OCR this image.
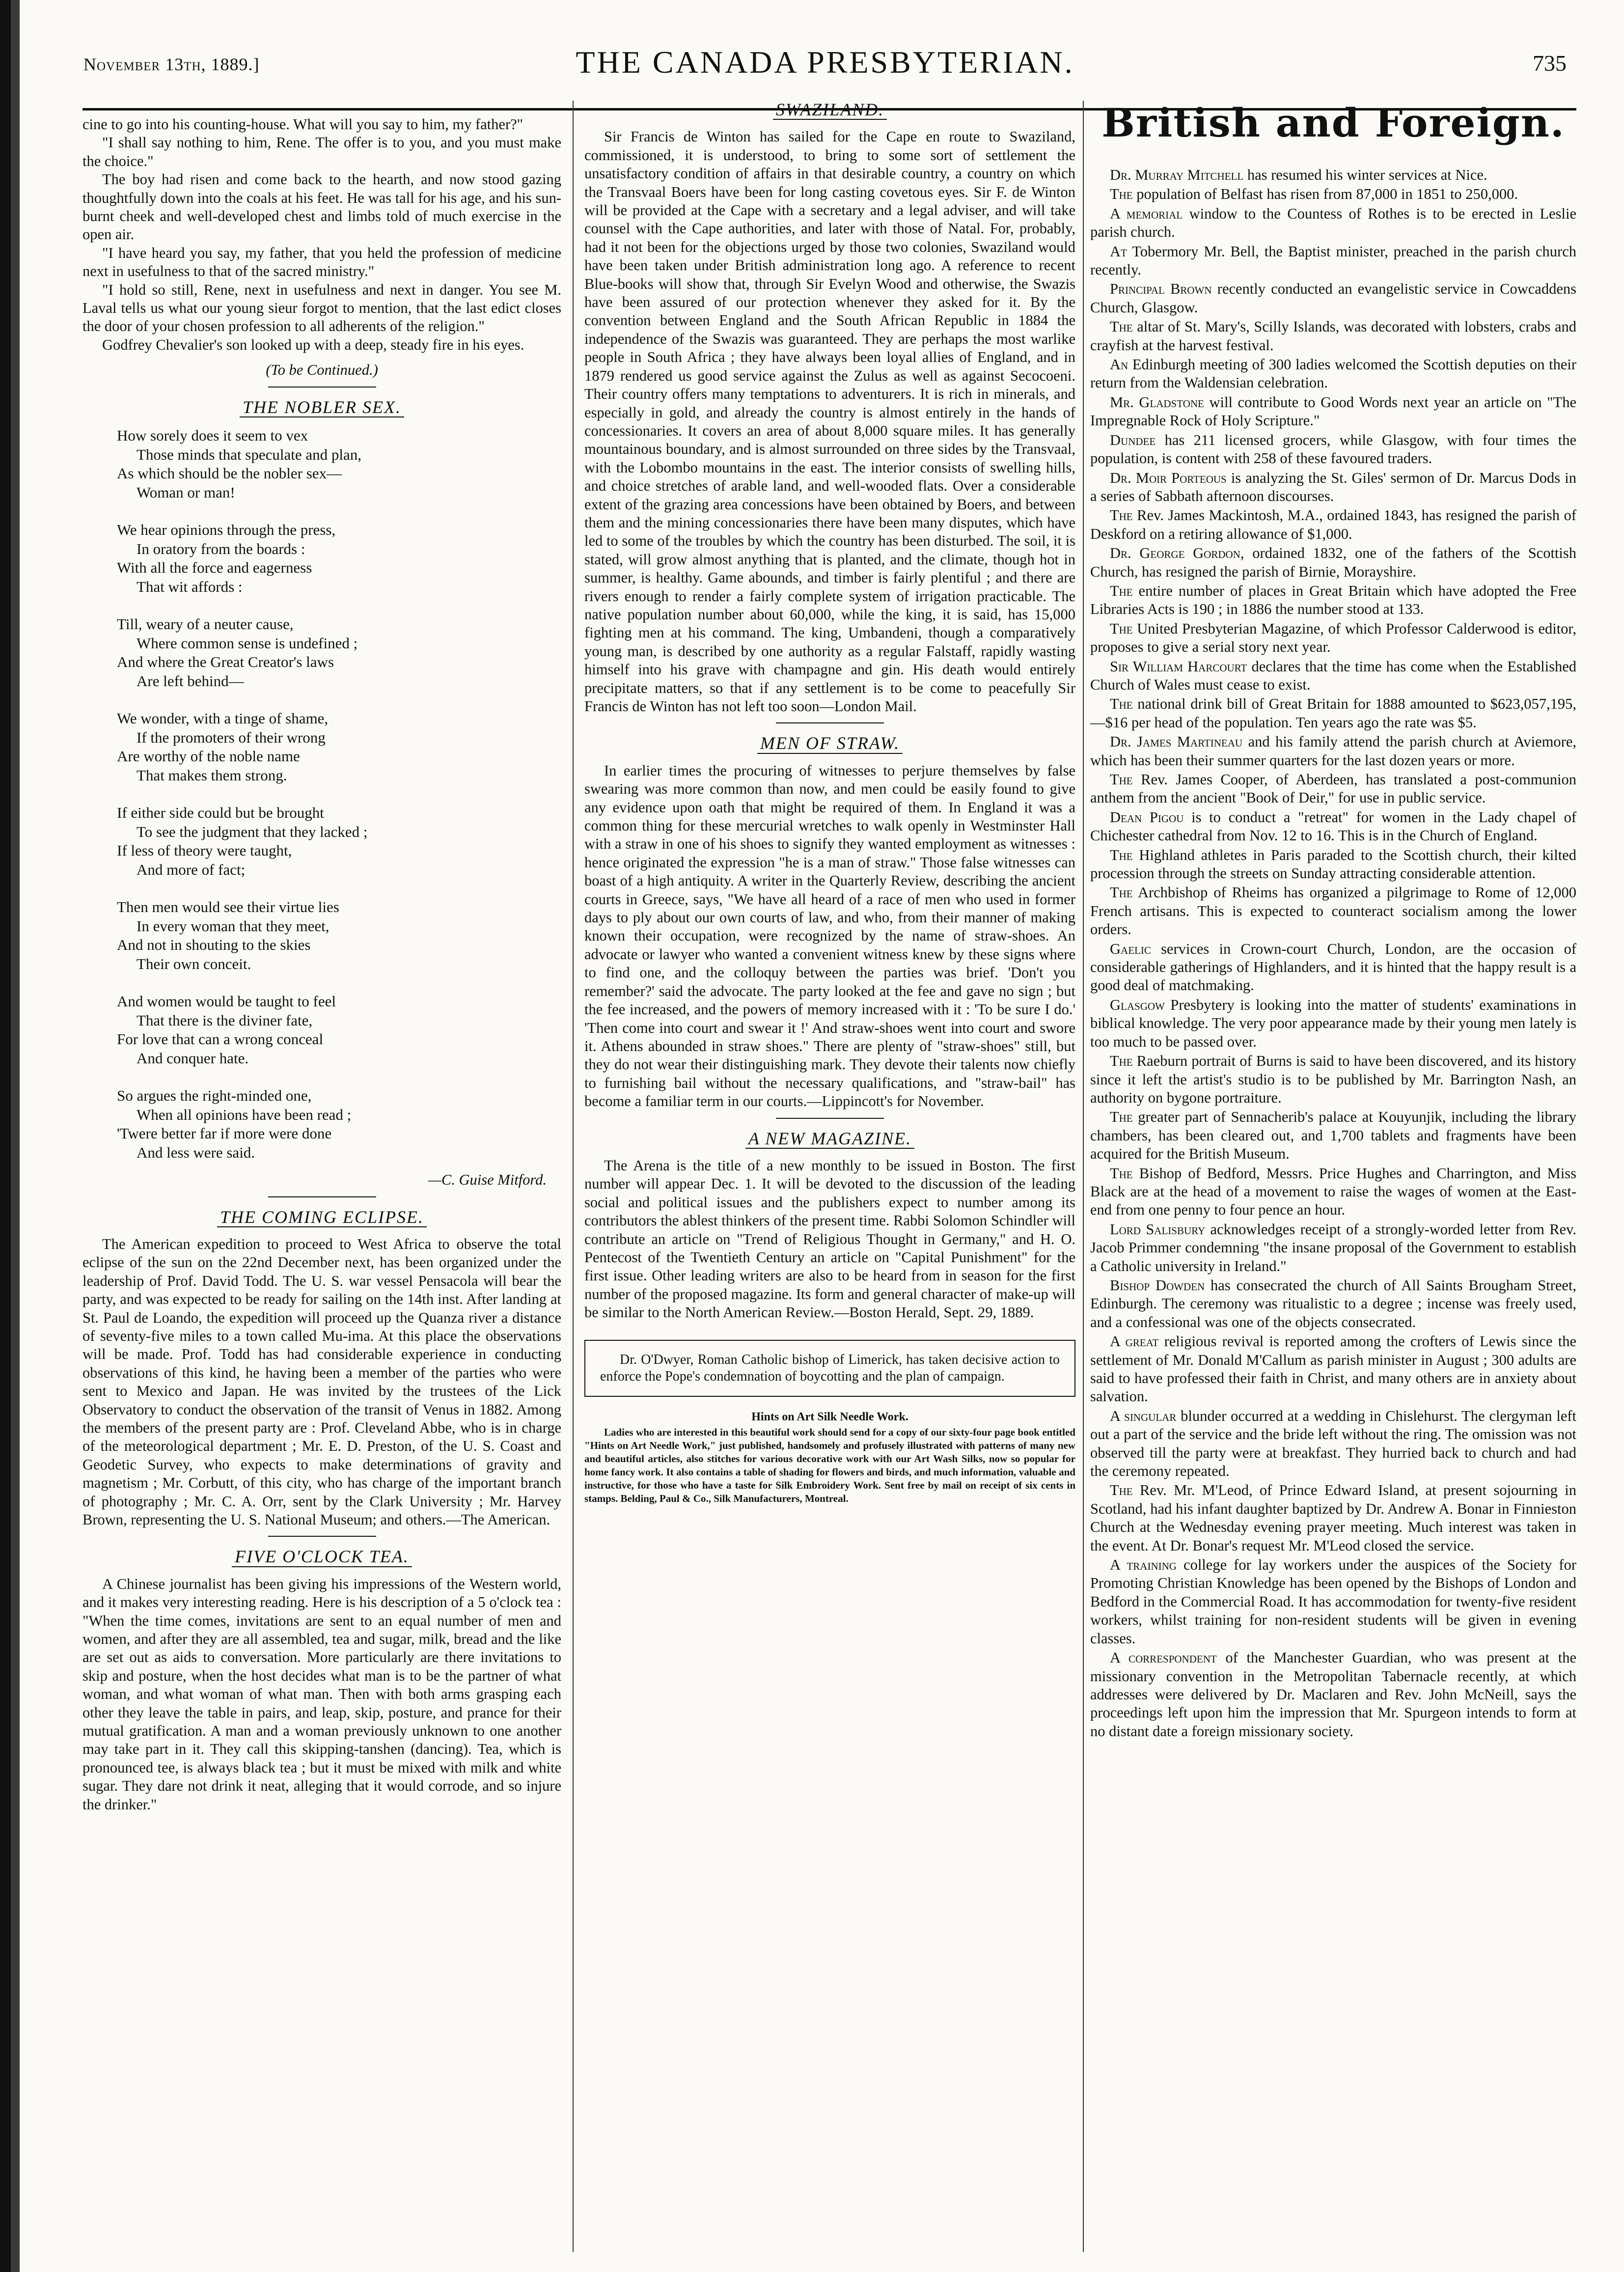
THE CANADA PRESBYTERIAN.
November 13th, 1889.]	735

cine to go into his counting-house. What will you say to him, my father?"

"I shall say nothing to him, Rene. The offer is to you, and you must make the choice."

The boy had risen and come back to the hearth, and now stood gazing thoughtfully down into the coals at his feet. He was tall for his age, and his sun-burnt cheek and well-developed chest and limbs told of much exercise in the open air.

"I have heard you say, my father, that you held the profession of medicine next in usefulness to that of the sacred ministry."

"I hold so still, Rene, next in usefulness and next in danger. You see M. Laval tells us what our young sieur forgot to mention, that the last edict closes the door of your chosen profession to all adherents of the religion."

Godfrey Chevalier's son looked up with a deep, steady fire in his eyes.

(To be Continued.)
THE NOBLER SEX.
How sorely does it seem to vex
Those minds that speculate and plan,
As which should be the nobler sex—
Woman or man!
We hear opinions through the press,
In oratory from the boards :
With all the force and eagerness
That wit affords :
Till, weary of a neuter cause,
Where common sense is undefined ;
And where the Great Creator's laws
Are left behind—
We wonder, with a tinge of shame,
If the promoters of their wrong
Are worthy of the noble name
That makes them strong.
If either side could but be brought
To see the judgment that they lacked ;
If less of theory were taught,
And more of fact;
Then men would see their virtue lies
In every woman that they meet,
And not in shouting to the skies
Their own conceit.
And women would be taught to feel
That there is the diviner fate,
For love that can a wrong conceal
And conquer hate.
So argues the right-minded one,
When all opinions have been read ;
'Twere better far if more were done
And less were said.
—C. Guise Mitford.
THE COMING ECLIPSE.

The American expedition to proceed to West Africa to observe the total eclipse of the sun on the 22nd December next, has been organized under the leadership of Prof. David Todd. The U. S. war vessel Pensacola will bear the party, and was expected to be ready for sailing on the 14th inst. After landing at St. Paul de Loando, the expedition will proceed up the Quanza river a distance of seventy-five miles to a town called Mu-ima. At this place the observations will be made. Prof. Todd has had considerable experience in conducting observations of this kind, he having been a member of the parties who were sent to Mexico and Japan. He was invited by the trustees of the Lick Observatory to conduct the observation of the transit of Venus in 1882. Among the members of the present party are : Prof. Cleveland Abbe, who is in charge of the meteorological department ; Mr. E. D. Preston, of the U. S. Coast and Geodetic Survey, who expects to make determinations of gravity and magnetism ; Mr. Corbutt, of this city, who has charge of the important branch of photography ; Mr. C. A. Orr, sent by the Clark University ; Mr. Harvey Brown, representing the U. S. National Museum; and others.—The American.

FIVE O'CLOCK TEA.

A Chinese journalist has been giving his impressions of the Western world, and it makes very interesting reading. Here is his description of a 5 o'clock tea : "When the time comes, invitations are sent to an equal number of men and women, and after they are all assembled, tea and sugar, milk, bread and the like are set out as aids to conversation. More particularly are there invitations to skip and posture, when the host decides what man is to be the partner of what woman, and what woman of what man. Then with both arms grasping each other they leave the table in pairs, and leap, skip, posture, and prance for their mutual gratification. A man and a woman previously unknown to one another may take part in it. They call this skipping-tanshen (dancing). Tea, which is pronounced tee, is always black tea ; but it must be mixed with milk and white sugar. They dare not drink it neat, alleging that it would corrode, and so injure the drinker."

SWAZILAND.

Sir Francis de Winton has sailed for the Cape en route to Swaziland, commissioned, it is understood, to bring to some sort of settlement the unsatisfactory condition of affairs in that desirable country, a country on which the Transvaal Boers have been for long casting covetous eyes. Sir F. de Winton will be provided at the Cape with a secretary and a legal adviser, and will take counsel with the Cape authorities, and later with those of Natal. For, probably, had it not been for the objections urged by those two colonies, Swaziland would have been taken under British administration long ago. A reference to recent Blue-books will show that, through Sir Evelyn Wood and otherwise, the Swazis have been assured of our protection whenever they asked for it. By the convention between England and the South African Republic in 1884 the independence of the Swazis was guaranteed. They are perhaps the most warlike people in South Africa ; they have always been loyal allies of England, and in 1879 rendered us good service against the Zulus as well as against Secocoeni. Their country offers many temptations to adventurers. It is rich in minerals, and especially in gold, and already the country is almost entirely in the hands of concessionaries. It covers an area of about 8,000 square miles. It has generally mountainous boundary, and is almost surrounded on three sides by the Transvaal, with the Lobombo mountains in the east. The interior consists of swelling hills, and choice stretches of arable land, and well-wooded flats. Over a considerable extent of the grazing area concessions have been obtained by Boers, and between them and the mining concessionaries there have been many disputes, which have led to some of the troubles by which the country has been disturbed. The soil, it is stated, will grow almost anything that is planted, and the climate, though hot in summer, is healthy. Game abounds, and timber is fairly plentiful ; and there are rivers enough to render a fairly complete system of irrigation practicable. The native population number about 60,000, while the king, it is said, has 15,000 fighting men at his command. The king, Umbandeni, though a comparatively young man, is described by one authority as a regular Falstaff, rapidly wasting himself into his grave with champagne and gin. His death would entirely precipitate matters, so that if any settlement is to be come to peacefully Sir Francis de Winton has not left too soon—London Mail.

MEN OF STRAW.

In earlier times the procuring of witnesses to perjure themselves by false swearing was more common than now, and men could be easily found to give any evidence upon oath that might be required of them. In England it was a common thing for these mercurial wretches to walk openly in Westminster Hall with a straw in one of his shoes to signify they wanted employment as witnesses : hence originated the expression "he is a man of straw." Those false witnesses can boast of a high antiquity. A writer in the Quarterly Review, describing the ancient courts in Greece, says, "We have all heard of a race of men who used in former days to ply about our own courts of law, and who, from their manner of making known their occupation, were recognized by the name of straw-shoes. An advocate or lawyer who wanted a convenient witness knew by these signs where to find one, and the colloquy between the parties was brief. 'Don't you remember?' said the advocate. The party looked at the fee and gave no sign ; but the fee increased, and the powers of memory increased with it : 'To be sure I do.' 'Then come into court and swear it !' And straw-shoes went into court and swore it. Athens abounded in straw shoes." There are plenty of "straw-shoes" still, but they do not wear their distinguishing mark. They devote their talents now chiefly to furnishing bail without the necessary qualifications, and "straw-bail" has become a familiar term in our courts.—Lippincott's for November.

A NEW MAGAZINE.

The Arena is the title of a new monthly to be issued in Boston. The first number will appear Dec. 1. It will be devoted to the discussion of the leading social and political issues and the publishers expect to number among its contributors the ablest thinkers of the present time. Rabbi Solomon Schindler will contribute an article on "Trend of Religious Thought in Germany," and H. O. Pentecost of the Twentieth Century an article on "Capital Punishment" for the first issue. Other leading writers are also to be heard from in season for the first number of the proposed magazine. Its form and general character of make-up will be similar to the North American Review.—Boston Herald, Sept. 29, 1889.

Dr. O'Dwyer, Roman Catholic bishop of Limerick, has taken decisive action to enforce the Pope's condemnation of boycotting and the plan of campaign.

Hints on Art Silk Needle Work.

Ladies who are interested in this beautiful work should send for a copy of our sixty-four page book entitled "Hints on Art Needle Work," just published, handsomely and profusely illustrated with patterns of many new and beautiful articles, also stitches for various decorative work with our Art Wash Silks, now so popular for home fancy work. It also contains a table of shading for flowers and birds, and much information, valuable and instructive, for those who have a taste for Silk Embroidery Work. Sent free by mail on receipt of six cents in stamps. Belding, Paul & Co., Silk Manufacturers, Montreal.

British and Foreign.

Dr. Murray Mitchell has resumed his winter services at Nice.

The population of Belfast has risen from 87,000 in 1851 to 250,000.

A memorial window to the Countess of Rothes is to be erected in Leslie parish church.

At Tobermory Mr. Bell, the Baptist minister, preached in the parish church recently.

Principal Brown recently conducted an evangelistic service in Cowcaddens Church, Glasgow.

The altar of St. Mary's, Scilly Islands, was decorated with lobsters, crabs and crayfish at the harvest festival.

An Edinburgh meeting of 300 ladies welcomed the Scottish deputies on their return from the Waldensian celebration.

Mr. Gladstone will contribute to Good Words next year an article on "The Impregnable Rock of Holy Scripture."

Dundee has 211 licensed grocers, while Glasgow, with four times the population, is content with 258 of these favoured traders.

Dr. Moir Porteous is analyzing the St. Giles' sermon of Dr. Marcus Dods in a series of Sabbath afternoon discourses.

The Rev. James Mackintosh, M.A., ordained 1843, has resigned the parish of Deskford on a retiring allowance of $1,000.

Dr. George Gordon, ordained 1832, one of the fathers of the Scottish Church, has resigned the parish of Birnie, Morayshire.

The entire number of places in Great Britain which have adopted the Free Libraries Acts is 190 ; in 1886 the number stood at 133.

The United Presbyterian Magazine, of which Professor Calderwood is editor, proposes to give a serial story next year.

Sir William Harcourt declares that the time has come when the Established Church of Wales must cease to exist.

The national drink bill of Great Britain for 1888 amounted to $623,057,195,—$16 per head of the population. Ten years ago the rate was $5.

Dr. James Martineau and his family attend the parish church at Aviemore, which has been their summer quarters for the last dozen years or more.

The Rev. James Cooper, of Aberdeen, has translated a post-communion anthem from the ancient "Book of Deir," for use in public service.

Dean Pigou is to conduct a "retreat" for women in the Lady chapel of Chichester cathedral from Nov. 12 to 16. This is in the Church of England.

The Highland athletes in Paris paraded to the Scottish church, their kilted procession through the streets on Sunday attracting considerable attention.

The Archbishop of Rheims has organized a pilgrimage to Rome of 12,000 French artisans. This is expected to counteract socialism among the lower orders.

Gaelic services in Crown-court Church, London, are the occasion of considerable gatherings of Highlanders, and it is hinted that the happy result is a good deal of matchmaking.

Glasgow Presbytery is looking into the matter of students' examinations in biblical knowledge. The very poor appearance made by their young men lately is too much to be passed over.

The Raeburn portrait of Burns is said to have been discovered, and its history since it left the artist's studio is to be published by Mr. Barrington Nash, an authority on bygone portraiture.

The greater part of Sennacherib's palace at Kouyunjik, including the library chambers, has been cleared out, and 1,700 tablets and fragments have been acquired for the British Museum.

The Bishop of Bedford, Messrs. Price Hughes and Charrington, and Miss Black are at the head of a movement to raise the wages of women at the East-end from one penny to four pence an hour.

Lord Salisbury acknowledges receipt of a strongly-worded letter from Rev. Jacob Primmer condemning "the insane proposal of the Government to establish a Catholic university in Ireland."

Bishop Dowden has consecrated the church of All Saints Brougham Street, Edinburgh. The ceremony was ritualistic to a degree ; incense was freely used, and a confessional was one of the objects consecrated.

A great religious revival is reported among the crofters of Lewis since the settlement of Mr. Donald M'Callum as parish minister in August ; 300 adults are said to have professed their faith in Christ, and many others are in anxiety about salvation.

A singular blunder occurred at a wedding in Chislehurst. The clergyman left out a part of the service and the bride left without the ring. The omission was not observed till the party were at breakfast. They hurried back to church and had the ceremony repeated.

The Rev. Mr. M'Leod, of Prince Edward Island, at present sojourning in Scotland, had his infant daughter baptized by Dr. Andrew A. Bonar in Finnieston Church at the Wednesday evening prayer meeting. Much interest was taken in the event. At Dr. Bonar's request Mr. M'Leod closed the service.

A training college for lay workers under the auspices of the Society for Promoting Christian Knowledge has been opened by the Bishops of London and Bedford in the Commercial Road. It has accommodation for twenty-five resident workers, whilst training for non-resident students will be given in evening classes.

A correspondent of the Manchester Guardian, who was present at the missionary convention in the Metropolitan Tabernacle recently, at which addresses were delivered by Dr. Maclaren and Rev. John McNeill, says the proceedings left upon him the impression that Mr. Spurgeon intends to form at no distant date a foreign missionary society.
